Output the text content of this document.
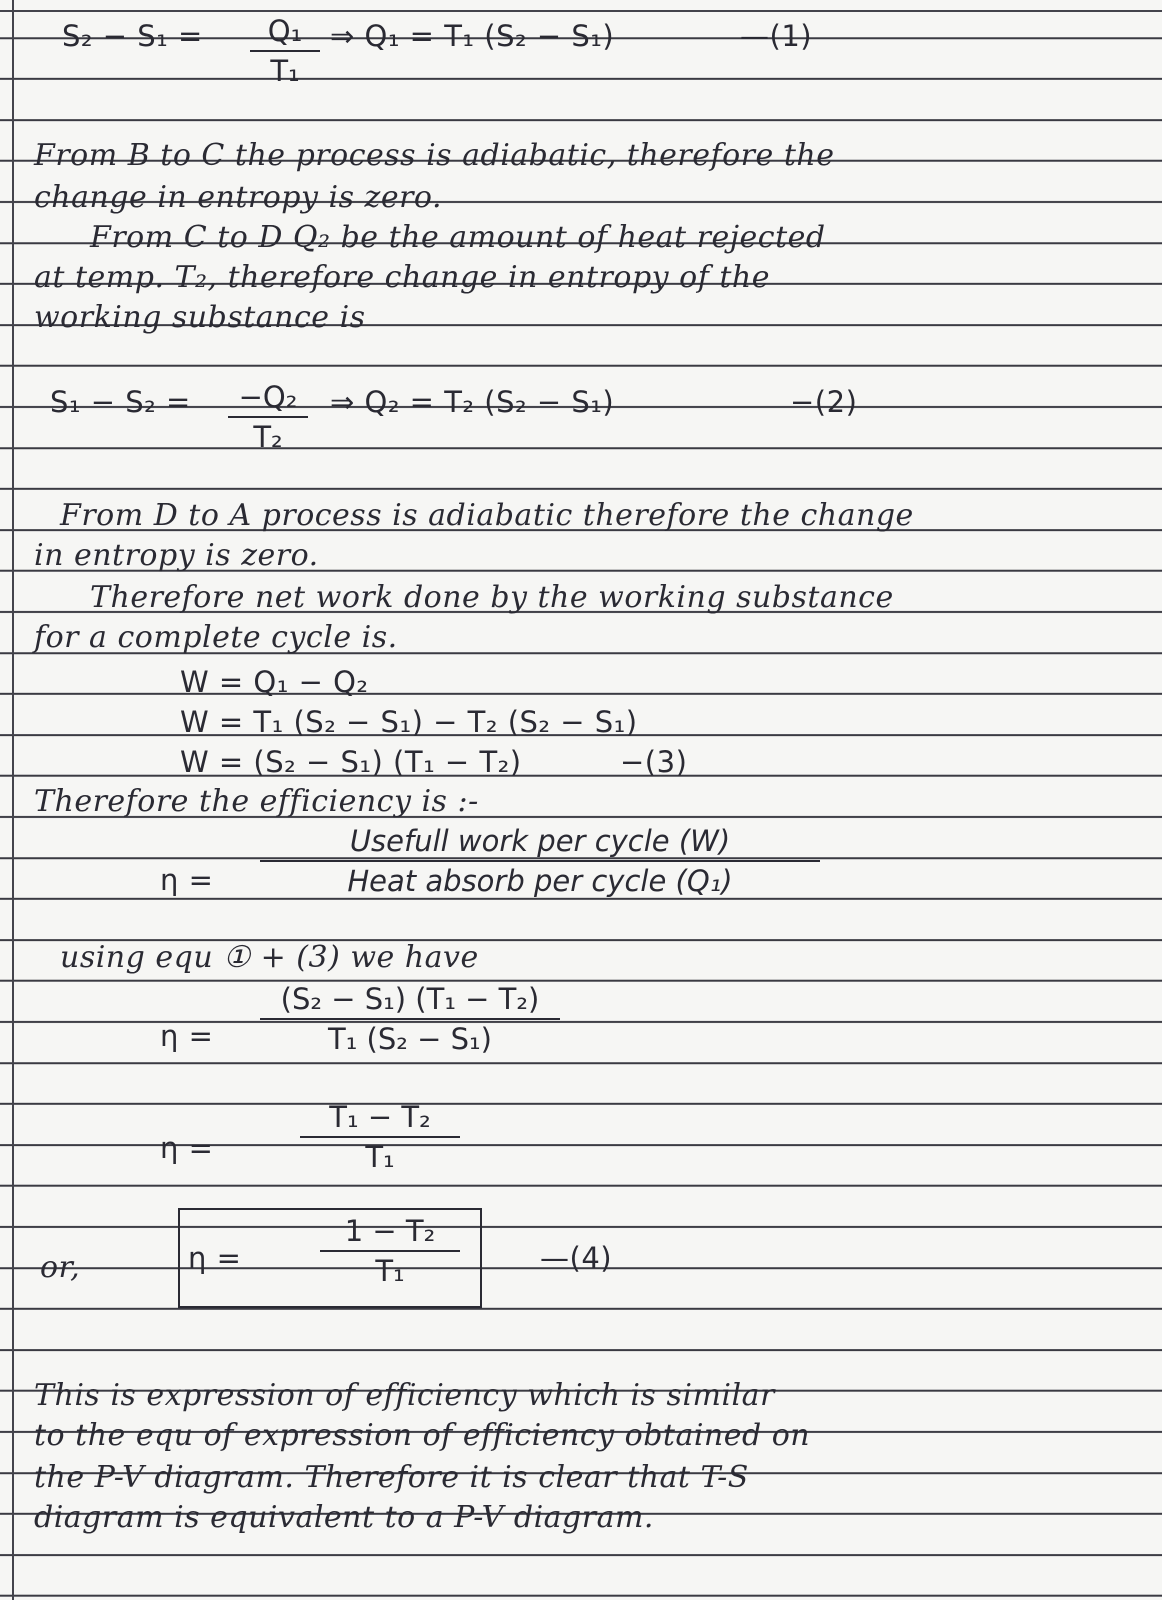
$S_2 - S_1 = \frac{\text{Q₁}}{\text{T₁}}$ ⇒ Q₁ = T₁ (S₂ − S₁)	—(1)
From B to C the process is adiabatic, therefore the
change in entropy is zero.
From C to D Q₂ be the amount of heat rejected
at temp. T₂, therefore change in entropy of the
working substance is
$S_1 - S_2 = \frac{\text{−Q₂}}{\text{T₂}}$ ⇒ Q₂ = T₂ (S₂ − S₁)	−(2)
From D to A process is adiabatic therefore the change
in entropy is zero.
Therefore net work done by the working substance
for a complete cycle is.
W = Q₁ − Q₂
W = T₁ (S₂ − S₁) − T₂ (S₂ − S₁)
W = (S₂ − S₁) (T₁ − T₂)	−(3)
Therefore the efficiency is :-
η =
Usefull work per cycle (W)
Heat absorb per cycle (Q₁)
using equ ① + (3) we have
$\eta = \frac{\text{(S₂ − S₁) (T₁ − T₂)}}{\text{T₁ (S₂ − S₁)}}$
η =	$\frac{\text{T₁ − T₂}}{\text{T₁}}$
or,	η =	$\frac{\text{1 − T₂}}{\text{T₁}}$	—(4)
This is expression of efficiency which is similar
to the equ of expression of efficiency obtained on
the P-V diagram. Therefore it is clear that T-S
diagram is equivalent to a P-V diagram.
